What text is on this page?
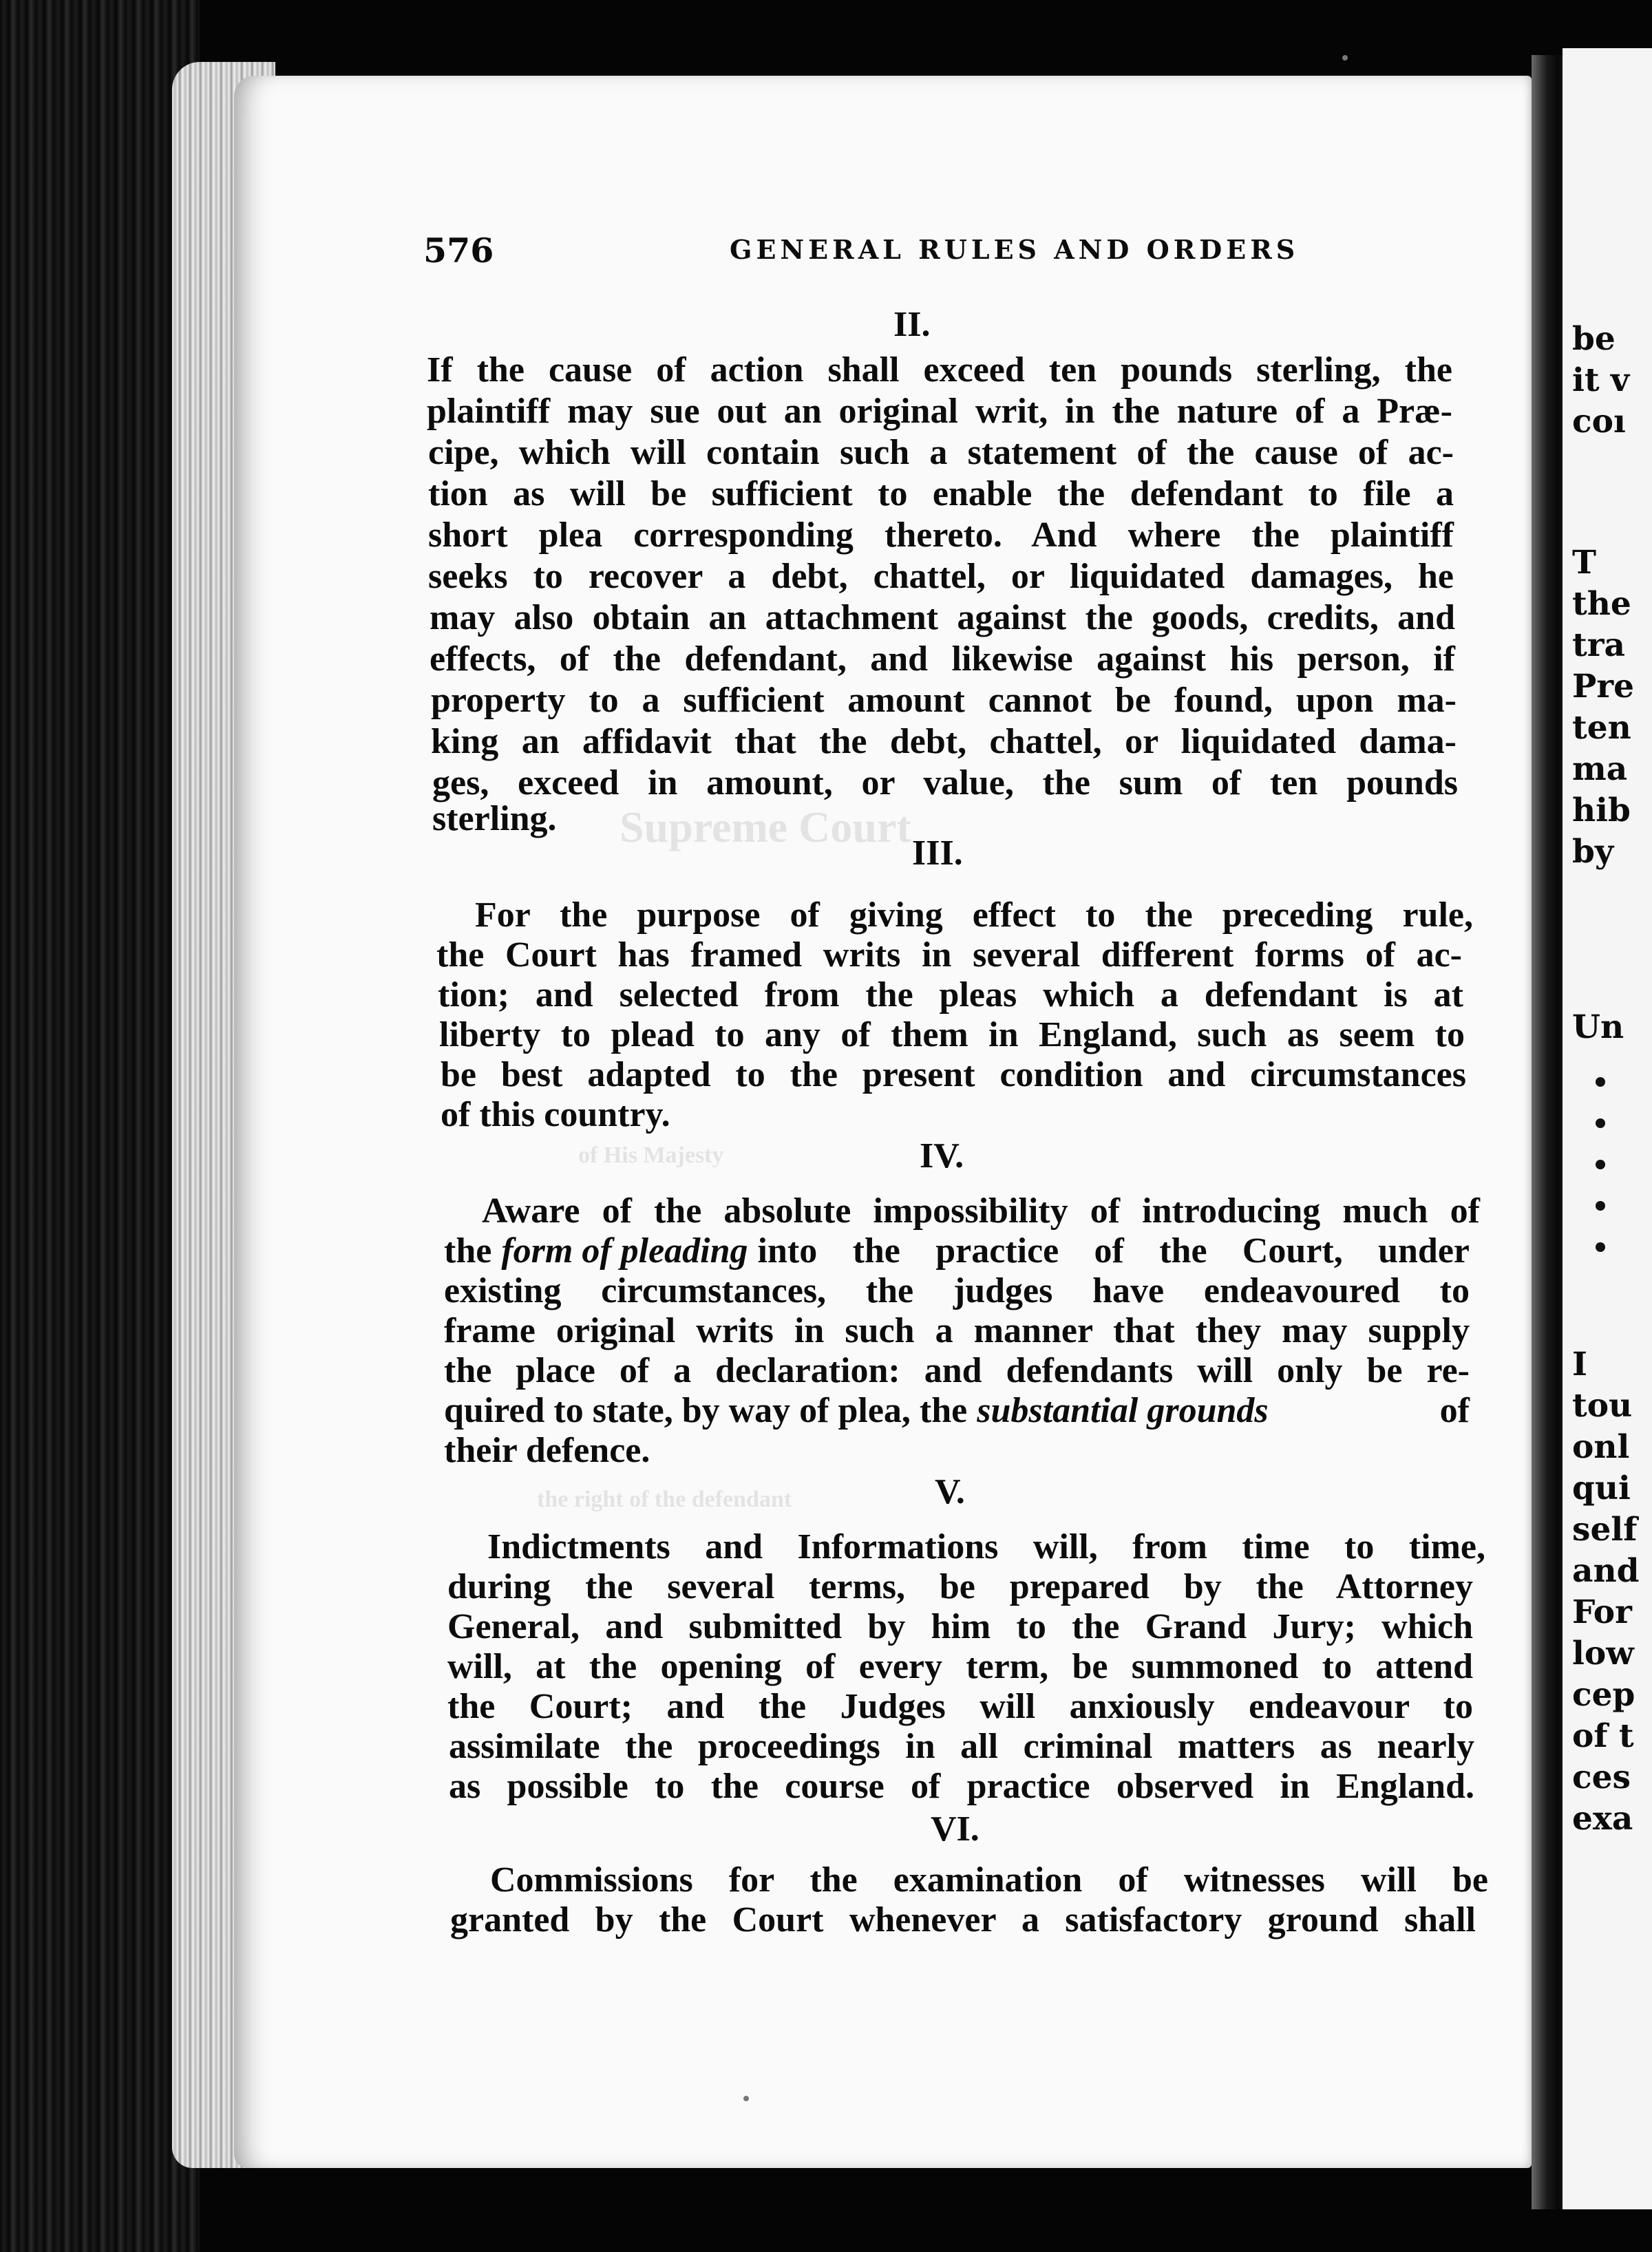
Supreme Court
of His Majesty
the right of the defendant
be
it v
coı
T
the
tra
Pre
ten
ma
hib
by
Un
I
tou
onl
qui
self
and
For
low
cep
of t
ces
exa
576	GENERAL RULES AND ORDERS
II.
If the cause of action shall exceed ten pounds sterling, the
plaintiff may sue out an original writ, in the nature of a Præ-
cipe, which will contain such a statement of the cause of ac-
tion as will be sufficient to enable the defendant to file a
short plea corresponding thereto. And where the plaintiff
seeks to recover a debt, chattel, or liquidated damages, he
may also obtain an attachment against the goods, credits, and
effects, of the defendant, and likewise against his person, if
property to a sufficient amount cannot be found, upon ma-
king an affidavit that the debt, chattel, or liquidated dama-
ges, exceed in amount, or value, the sum of ten pounds
sterling.
III.
For the purpose of giving effect to the preceding rule,
the Court has framed writs in several different forms of ac-
tion; and selected from the pleas which a defendant is at
liberty to plead to any of them in England, such as seem to
be best adapted to the present condition and circumstances
of this country.
IV.
Aware of the absolute impossibility of introducing much of
the form of pleading into the practice of the Court, under
existing circumstances, the judges have endeavoured to
frame original writs in such a manner that they may supply
the place of a declaration: and defendants will only be re-
quired to state, by way of plea, the substantial grounds	of
their defence.
V.
Indictments and Informations will, from time to time,
during the several terms, be prepared by the Attorney
General, and submitted by him to the Grand Jury; which
will, at the opening of every term, be summoned to attend
the Court; and the Judges will anxiously endeavour to
assimilate the proceedings in all criminal matters as nearly
as possible to the course of practice observed in England.
VI.
Commissions for the examination of witnesses will be
granted by the Court whenever a satisfactory ground shall
